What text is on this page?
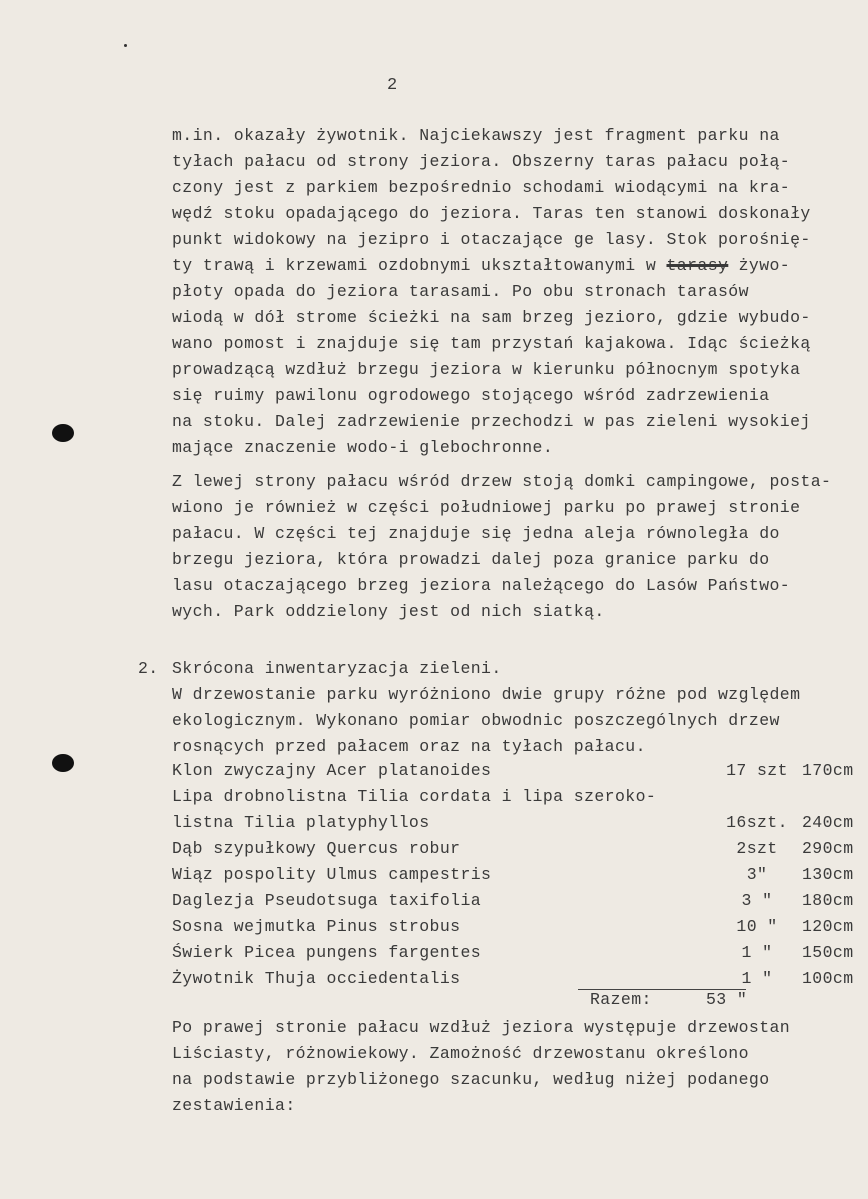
2
m.in. okazały żywotnik. Najciekawszy jest fragment parku na
tyłach pałacu od strony jeziora. Obszerny taras pałacu połą-
czony jest z parkiem bezpośrednio schodami wiodącymi na kra-
wędź stoku opadającego do jeziora. Taras ten stanowi doskonały
punkt widokowy na jezipro i otaczające ge lasy. Stok porośnię-
ty trawą i krzewami ozdobnymi ukształtowanymi w tarasy żywo-
płoty opada do jeziora tarasami. Po obu stronach tarasów
wiodą w dół strome ścieżki na sam brzeg jezioro, gdzie wybudo-
wano pomost i znajduje się tam przystań kajakowa. Idąc ścieżką
prowadzącą wzdłuż brzegu jeziora w kierunku północnym spotyka
się ruimy pawilonu ogrodowego stojącego wśród zadrzewienia
na stoku. Dalej zadrzewienie przechodzi w pas zieleni wysokiej
mające znaczenie wodo-i glebochronne.
Z lewej strony pałacu wśród drzew stoją domki campingowe, posta-
wiono je również w części południowej parku po prawej stronie
pałacu. W części tej znajduje się jedna aleja równoległa do
brzegu jeziora, która prowadzi dalej poza granice parku do
lasu otaczającego brzeg jeziora należącego do Lasów Państwo-
wych. Park oddzielony jest od nich siatką.
2. Skrócona inwentaryzacja zieleni.
W drzewostanie parku wyróżniono dwie grupy różne pod względem
ekologicznym. Wykonano pomiar obwodnic poszczególnych drzew
rosnących przed pałacem oraz na tyłach pałacu.
Klon zwyczajny Acer platanoides	17 szt 170cm
Lipa drobnolistna Tilia cordata i lipa szeroko-
listna Tilia platyphyllos	16szt. 240cm
Dąb szypułkowy Quercus robur	2szt	290cm
Wiąz pospolity Ulmus campestris	3"	130cm
Daglezja Pseudotsuga taxifolia	3 "	180cm
Sosna wejmutka Pinus strobus	10 "	120cm
Świerk Picea pungens fargentes	1 "	150cm
Żywotnik Thuja occiedentalis	1 "	100cm
Razem:	53 "
Po prawej stronie pałacu wzdłuż jeziora występuje drzewostan
Liściasty, różnowiekowy. Zamożność drzewostanu określono
na podstawie przybliżonego szacunku, według niżej podanego
zestawienia:
